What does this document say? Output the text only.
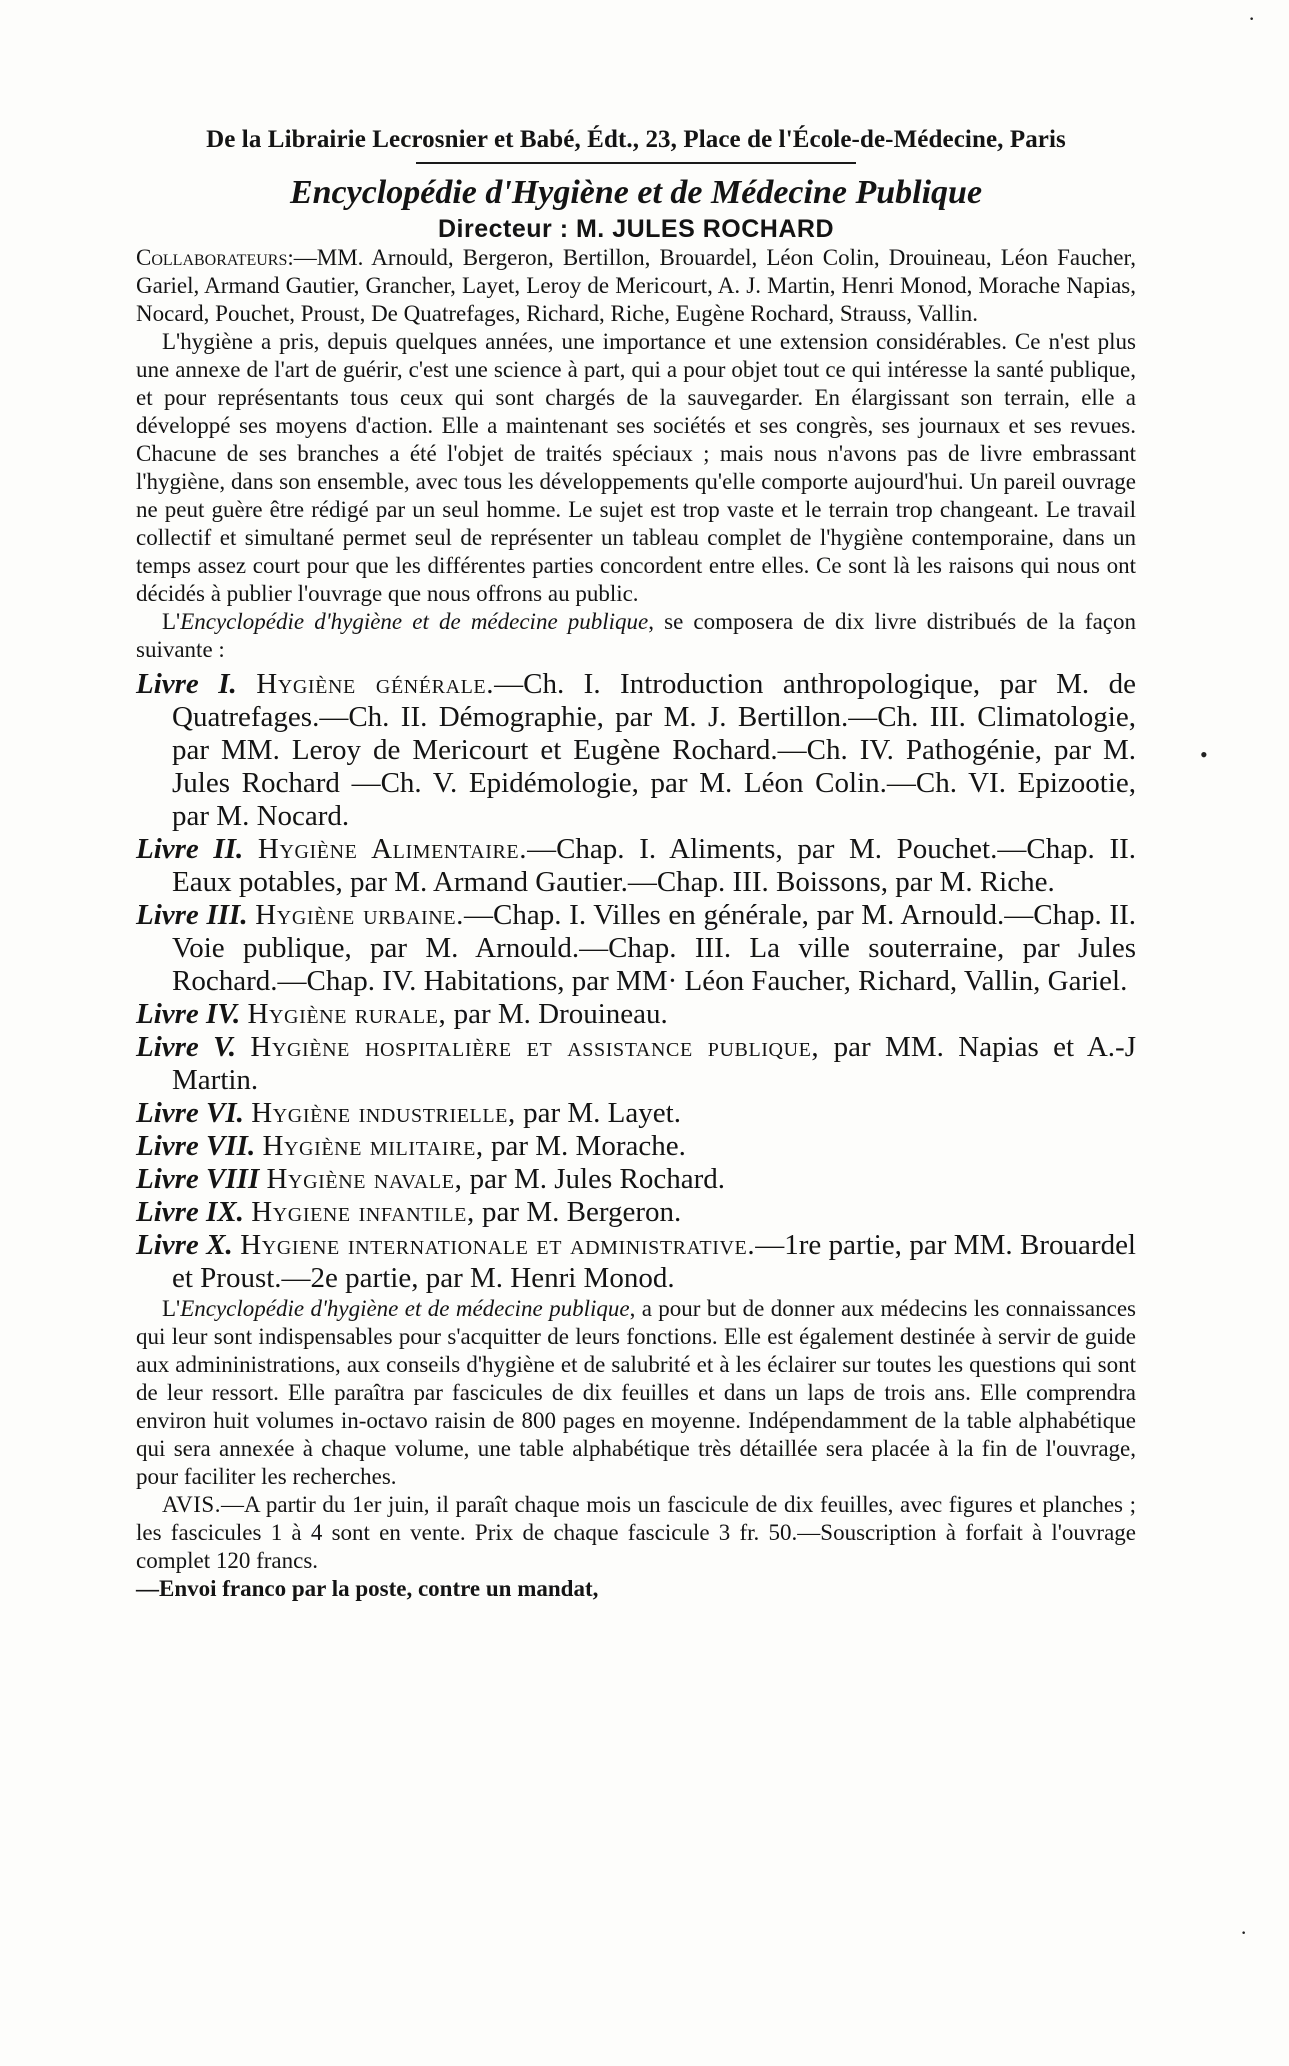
De la Librairie Lecrosnier et Babé, Édt., 23, Place de l'École-de-Médecine, Paris
Encyclopédie d'Hygiène et de Médecine Publique
Directeur : M. JULES ROCHARD

Collaborateurs:—MM. Arnould, Bergeron, Bertillon, Brouardel, Léon Colin, Drouineau, Léon Faucher, Gariel, Armand Gautier, Grancher, Layet, Leroy de Mericourt, A. J. Martin, Henri Monod, Morache Napias, Nocard, Pouchet, Proust, De Quatrefages, Richard, Riche, Eugène Rochard, Strauss, Vallin.

L'hygiène a pris, depuis quelques années, une importance et une extension considérables. Ce n'est plus une annexe de l'art de guérir, c'est une science à part, qui a pour objet tout ce qui intéresse la santé publique, et pour représentants tous ceux qui sont chargés de la sauvegarder. En élargissant son terrain, elle a développé ses moyens d'action. Elle a maintenant ses sociétés et ses congrès, ses journaux et ses revues. Chacune de ses branches a été l'objet de traités spéciaux ; mais nous n'avons pas de livre embrassant l'hygiène, dans son ensemble, avec tous les développements qu'elle comporte aujourd'hui. Un pareil ouvrage ne peut guère être rédigé par un seul homme. Le sujet est trop vaste et le terrain trop changeant. Le travail collectif et simultané permet seul de représenter un tableau complet de l'hygiène contemporaine, dans un temps assez court pour que les différentes parties concordent entre elles. Ce sont là les raisons qui nous ont décidés à publier l'ouvrage que nous offrons au public.

L'Encyclopédie d'hygiène et de médecine publique, se composera de dix livre distribués de la façon suivante :

Livre I. Hygiène générale.—Ch. I. Introduction anthropologique, par M. de Quatrefages.—Ch. II. Démographie, par M. J. Bertillon.—Ch. III. Climatologie, par MM. Leroy de Mericourt et Eugène Rochard.—Ch. IV. Pathogénie, par M. Jules Rochard —Ch. V. Epidémologie, par M. Léon Colin.—Ch. VI. Epizootie, par M. Nocard.

Livre II. Hygiène Alimentaire.—Chap. I. Aliments, par M. Pouchet.—Chap. II. Eaux potables, par M. Armand Gautier.—Chap. III. Boissons, par M. Riche.

Livre III. Hygiène urbaine.—Chap. I. Villes en générale, par M. Arnould.—Chap. II. Voie publique, par M. Arnould.—Chap. III. La ville souterraine, par Jules Rochard.—Chap. IV. Habitations, par MM· Léon Faucher, Richard, Vallin, Gariel.

Livre IV. Hygiène rurale, par M. Drouineau.

Livre V. Hygiène hospitalière et assistance publique, par MM. Napias et A.-J Martin.

Livre VI. Hygiène industrielle, par M. Layet.

Livre VII. Hygiène militaire, par M. Morache.

Livre VIII Hygiène navale, par M. Jules Rochard.

Livre IX. Hygiene infantile, par M. Bergeron.

Livre X. Hygiene internationale et administrative.—1re partie, par MM. Brouardel et Proust.—2e partie, par M. Henri Monod.

L'Encyclopédie d'hygiène et de médecine publique, a pour but de donner aux médecins les connaissances qui leur sont indispensables pour s'acquitter de leurs fonctions. Elle est également destinée à servir de guide aux admininistrations, aux conseils d'hygiène et de salubrité et à les éclairer sur toutes les questions qui sont de leur ressort. Elle paraîtra par fascicules de dix feuilles et dans un laps de trois ans. Elle comprendra environ huit volumes in-octavo raisin de 800 pages en moyenne. Indépendamment de la table alphabétique qui sera annexée à chaque volume, une table alphabétique très détaillée sera placée à la fin de l'ouvrage, pour faciliter les recherches.

AVIS.—A partir du 1er juin, il paraît chaque mois un fascicule de dix feuilles, avec figures et planches ; les fascicules 1 à 4 sont en vente. Prix de chaque fascicule 3 fr. 50.—Souscription à forfait à l'ouvrage complet 120 francs.
—Envoi franco par la poste, contre un mandat,

·
•
·
